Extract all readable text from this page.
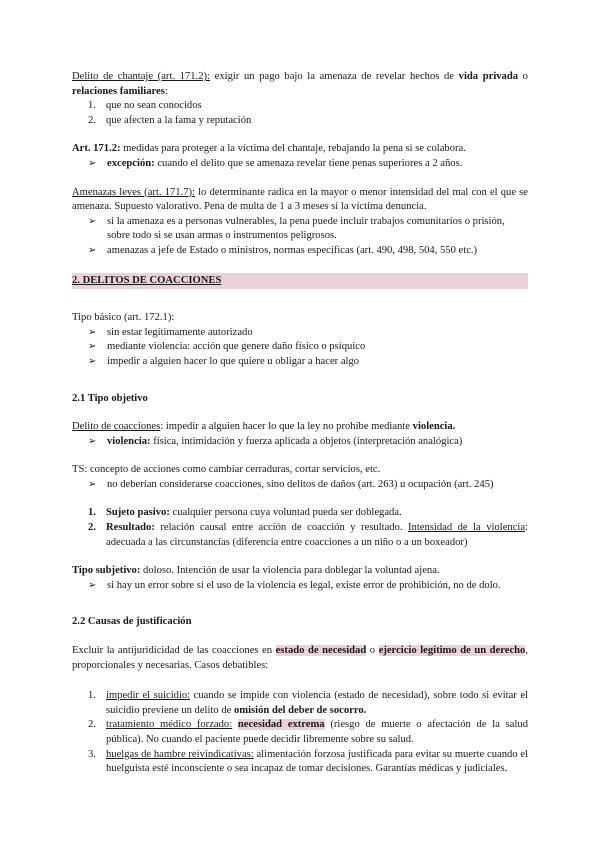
Delito de chantaje (art. 171.2): exigir un pago bajo la amenaza de revelar hechos de vida privada o relaciones familiares:

1. que no sean conocidos
2. que afecten a la fama y reputación

Art. 171.2: medidas para proteger a la víctima del chantaje, rebajando la pena si se colabora.

➢ excepción: cuando el delito que se amenaza revelar tiene penas superiores a 2 años.

Amenazas leves (art. 171.7): lo determinante radica en la mayor o menor intensidad del mal con el que se amenaza. Supuesto valorativo. Pena de multa de 1 a 3 meses si la víctima denuncia.

➢ si la amenaza es a personas vulnerables, la pena puede incluir trabajos comunitarios o prisión, sobre todo si se usan armas o instrumentos peligrosos.
➢ amenazas a jefe de Estado o ministros, normas específicas (art. 490, 498, 504, 550 etc.)
2. DELITOS DE COACCIONES

Tipo básico (art. 172.1):

➢ sin estar legítimamente autorizado
➢ mediante violencia: acción que genere daño físico o psíquico
➢ impedir a alguien hacer lo que quiere u obligar a hacer algo

2.1 Tipo objetivo

Delito de coacciones: impedir a alguien hacer lo que la ley no prohíbe mediante violencia.

➢ violencia: física, intimidación y fuerza aplicada a objetos (interpretación analógica)

TS: concepto de acciones como cambiar cerraduras, cortar servicios, etc.

➢ no deberían considerarse coacciones, sino delitos de daños (art. 263) u ocupación (art. 245)
1. Sujeto pasivo: cualquier persona cuya voluntad pueda ser doblegada.
2. Resultado: relación causal entre acción de coacción y resultado. Intensidad de la violencia: adecuada a las circunstancias (diferencia entre coacciones a un niño o a un boxeador)

Tipo subjetivo: doloso. Intención de usar la violencia para doblegar la voluntad ajena.

➢ si hay un error sobre si el uso de la violencia es legal, existe error de prohibición, no de dolo.

2.2 Causas de justificación

Excluir la antijuridicidad de las coacciones en estado de necesidad o ejercicio legítimo de un derecho, proporcionales y necesarias. Casos debatibles:

1. impedir el suicidio: cuando se impide con violencia (estado de necesidad), sobre todo si evitar el suicidio previene un delito de omisión del deber de socorro.
2. tratamiento médico forzado: necesidad extrema (riesgo de muerte o afectación de la salud pública). No cuando el paciente puede decidir libremente sobre su salud.
3. huelgas de hambre reivindicativas: alimentación forzosa justificada para evitar su muerte cuando el huelguista esté inconsciente o sea incapaz de tomar decisiones. Garantías médicas y judiciales.
